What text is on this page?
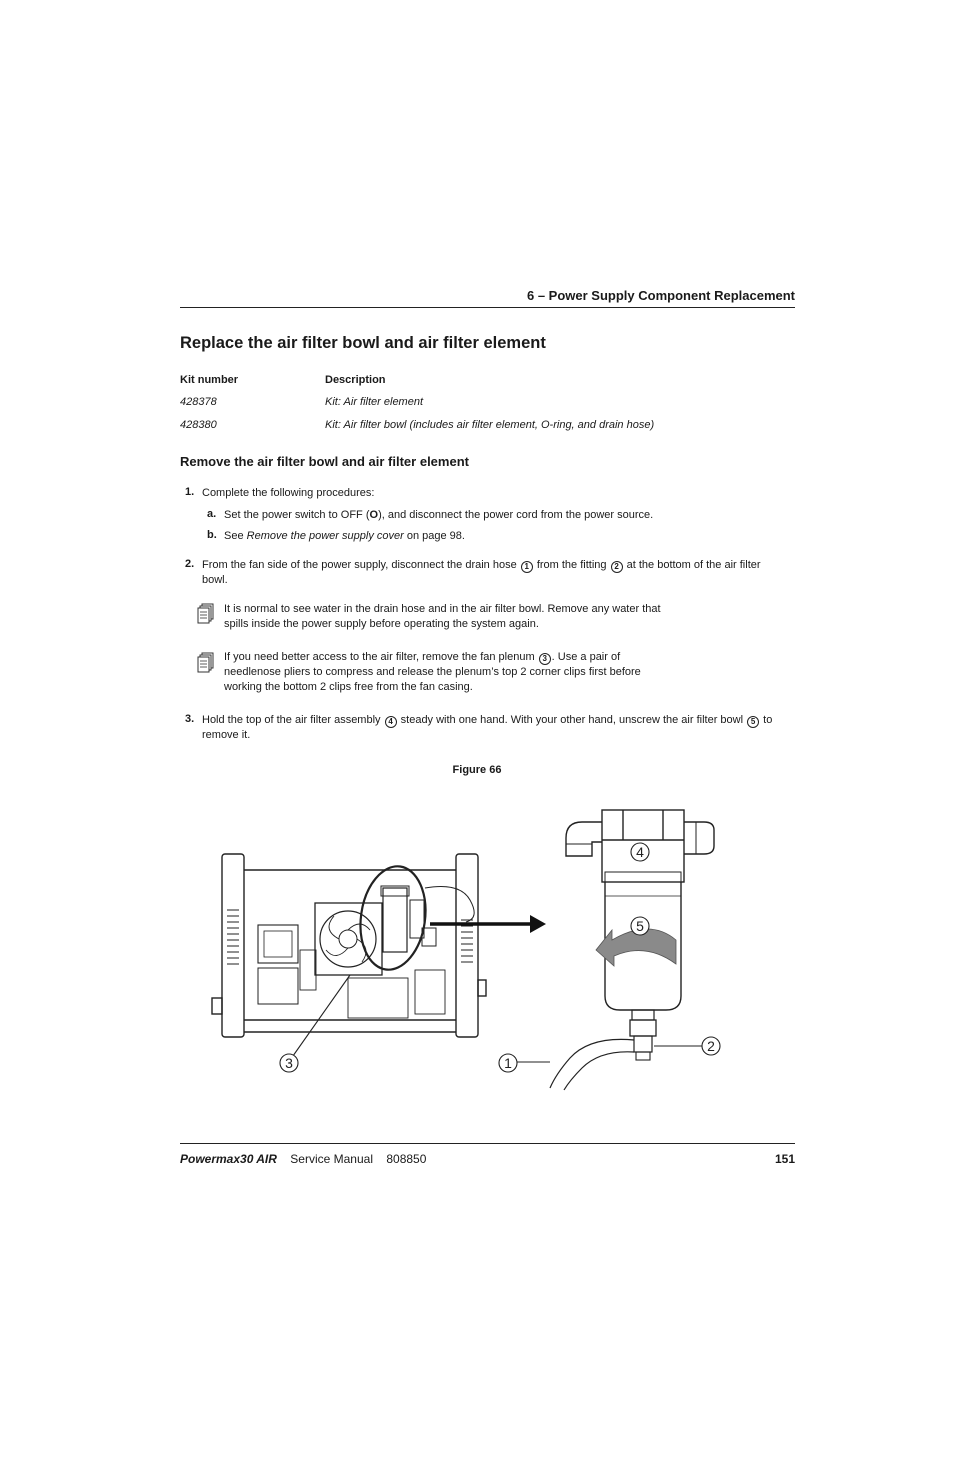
6 – Power Supply Component Replacement
Replace the air filter bowl and air filter element
Kit number	Description
428378	Kit: Air filter element
428380	Kit: Air filter bowl (includes air filter element, O-ring, and drain hose)
Remove the air filter bowl and air filter element
1. Complete the following procedures:
a. Set the power switch to OFF (O), and disconnect the power cord from the power source.
b. See Remove the power supply cover on page 98.
2. From the fan side of the power supply, disconnect the drain hose 1 from the fitting 2 at the bottom of the air filter
bowl.
It is normal to see water in the drain hose and in the air filter bowl. Remove any water that
spills inside the power supply before operating the system again.
If you need better access to the air filter, remove the fan plenum 3 . Use a pair of
needlenose pliers to compress and release the plenum’s top 2 corner clips first before
working the bottom 2 clips free from the fan casing.
3. Hold the top of the air filter assembly 4 steady with one hand. With your other hand, unscrew the air filter bowl 5 to
remove it.
Figure 66
4
5
2
1
3
Powermax30 AIR Service Manual 808850	151
